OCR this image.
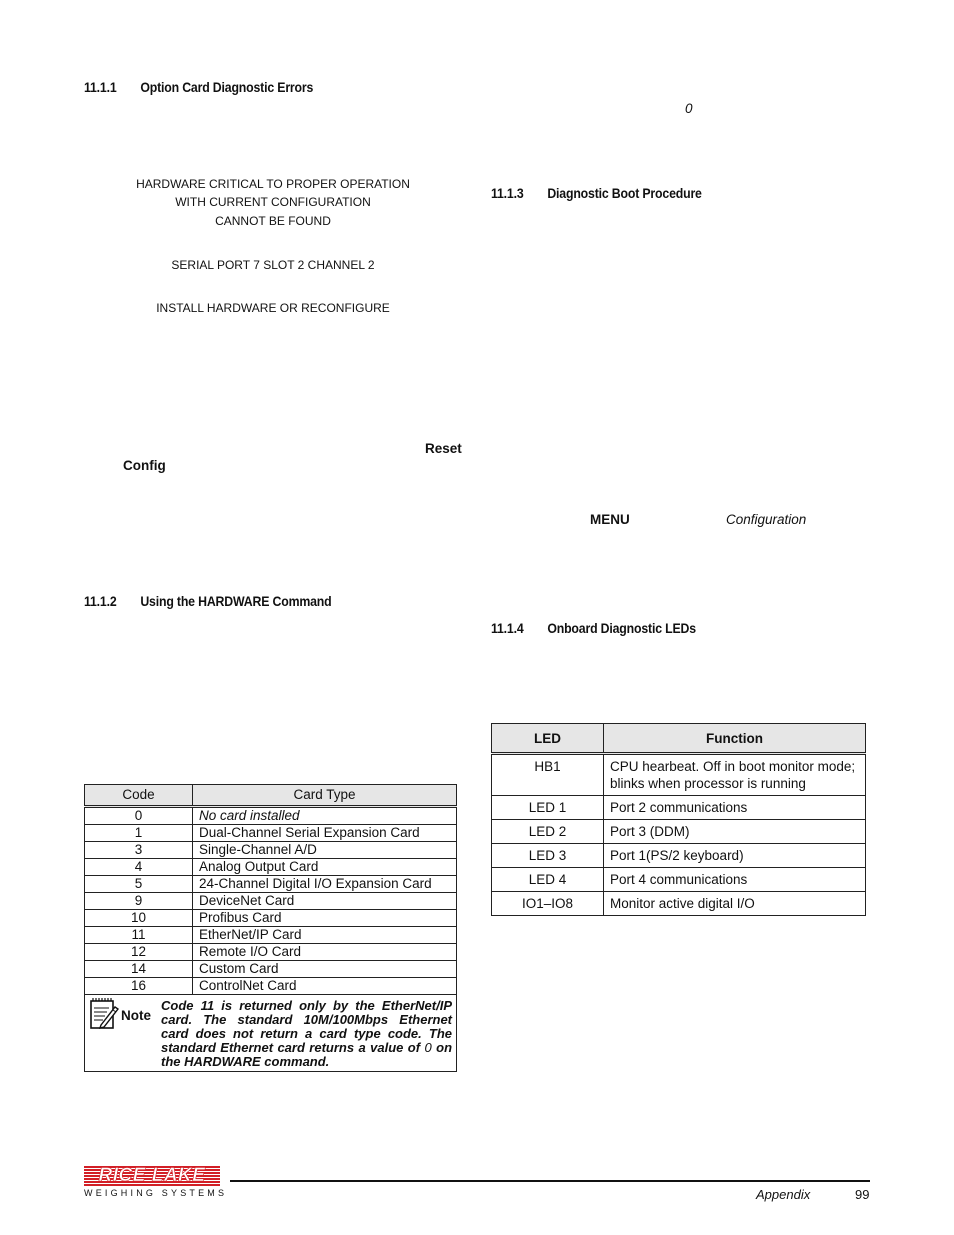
11.1.1 Option Card Diagnostic Errors
11.1.2 Using the HARDWARE Command
11.1.3 Diagnostic Boot Procedure
11.1.4 Onboard Diagnostic LEDs
HARDWARE CRITICAL TO PROPER OPERATION
WITH CURRENT CONFIGURATION
CANNOT BE FOUND
SERIAL PORT 7 SLOT 2 CHANNEL 2
INSTALL HARDWARE OR RECONFIGURE
Reset
Config
0
MENU	Configuration
Code	Card Type
0	No card installed
1	Dual-Channel Serial Expansion Card
3	Single-Channel A/D
4	Analog Output Card
5	24-Channel Digital I/O Expansion Card
9	DeviceNet Card
10	Profibus Card
11	EtherNet/IP Card
12	Remote I/O Card
14	Custom Card
16	ControlNet Card

Note
Code 11 is returned only by the EtherNet/IP card. The standard 10M/100Mbps Ethernet card does not return a card type code. The standard Ethernet card returns a value of 0 on the HARDWARE command.	
LED	Function
HB1	CPU hearbeat. Off in boot monitor mode; blinks when processor is running
LED 1	Port 2 communications
LED 2	Port 3 (DDM)
LED 3	Port 1(PS/2 keyboard)
LED 4	Port 4 communications
IO1–IO8	Monitor active digital I/O
RICE LAKE
WEIGHING SYSTEMS	Appendix	99
